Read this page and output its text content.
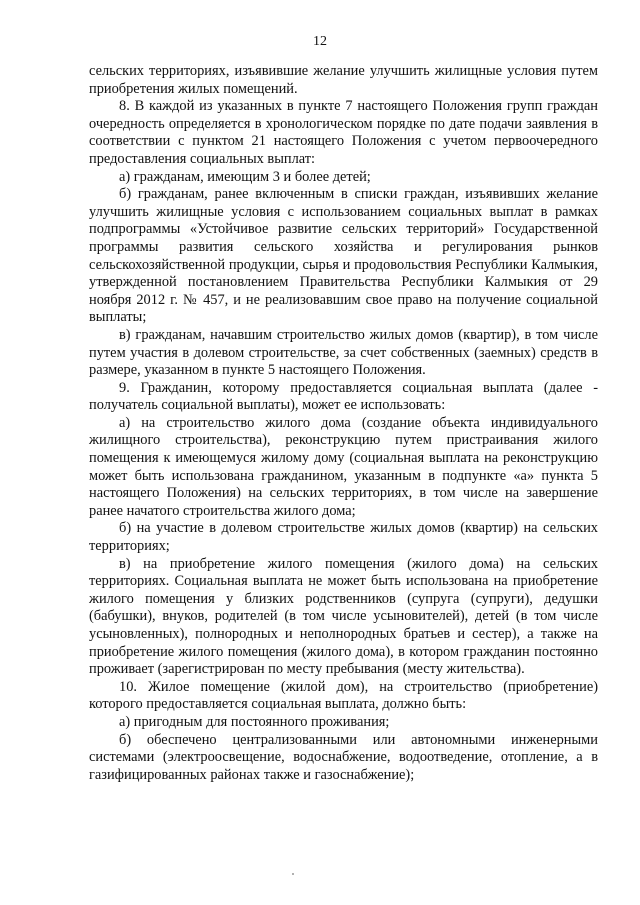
12

сельских территориях, изъявившие желание улучшить жилищные условия путем приобретения жилых помещений.

8. В каждой из указанных в пункте 7 настоящего Положения групп граждан очередность определяется в хронологическом порядке по дате подачи заявления в соответствии с пунктом 21 настоящего Положения с учетом первоочередного предоставления социальных выплат:

а) гражданам, имеющим 3 и более детей;

б) гражданам, ранее включенным в списки граждан, изъявивших желание улучшить жилищные условия с использованием социальных выплат в рамках подпрограммы «Устойчивое развитие сельских территорий» Государственной программы развития сельского хозяйства и регулирования рынков сельскохозяйственной продукции, сырья и продовольствия Республики Калмыкия, утвержденной постановлением Правительства Республики Калмыкия от 29 ноября 2012 г. № 457, и не реализовавшим свое право на получение социальной выплаты;

в) гражданам, начавшим строительство жилых домов (квартир), в том числе путем участия в долевом строительстве, за счет собственных (заемных) средств в размере, указанном в пункте 5 настоящего Положения.

9. Гражданин, которому предоставляется социальная выплата (далее - получатель социальной выплаты), может ее использовать:

а) на строительство жилого дома (создание объекта индивидуального жилищного строительства), реконструкцию путем пристраивания жилого помещения к имеющемуся жилому дому (социальная выплата на реконструкцию может быть использована гражданином, указанным в подпункте «а» пункта 5 настоящего Положения) на сельских территориях, в том числе на завершение ранее начатого строительства жилого дома;

б) на участие в долевом строительстве жилых домов (квартир) на сельских территориях;

в) на приобретение жилого помещения (жилого дома) на сельских территориях. Социальная выплата не может быть использована на приобретение жилого помещения у близких родственников (супруга (супруги), дедушки (бабушки), внуков, родителей (в том числе усыновителей), детей (в том числе усыновленных), полнородных и неполнородных братьев и сестер), а также на приобретение жилого помещения (жилого дома), в котором гражданин постоянно проживает (зарегистрирован по месту пребывания (месту жительства).

10. Жилое помещение (жилой дом), на строительство (приобретение) которого предоставляется социальная выплата, должно быть:

а) пригодным для постоянного проживания;

б) обеспечено централизованными или автономными инженерными системами (электроосвещение, водоснабжение, водоотведение, отопление, а в газифицированных районах также и газоснабжение);
